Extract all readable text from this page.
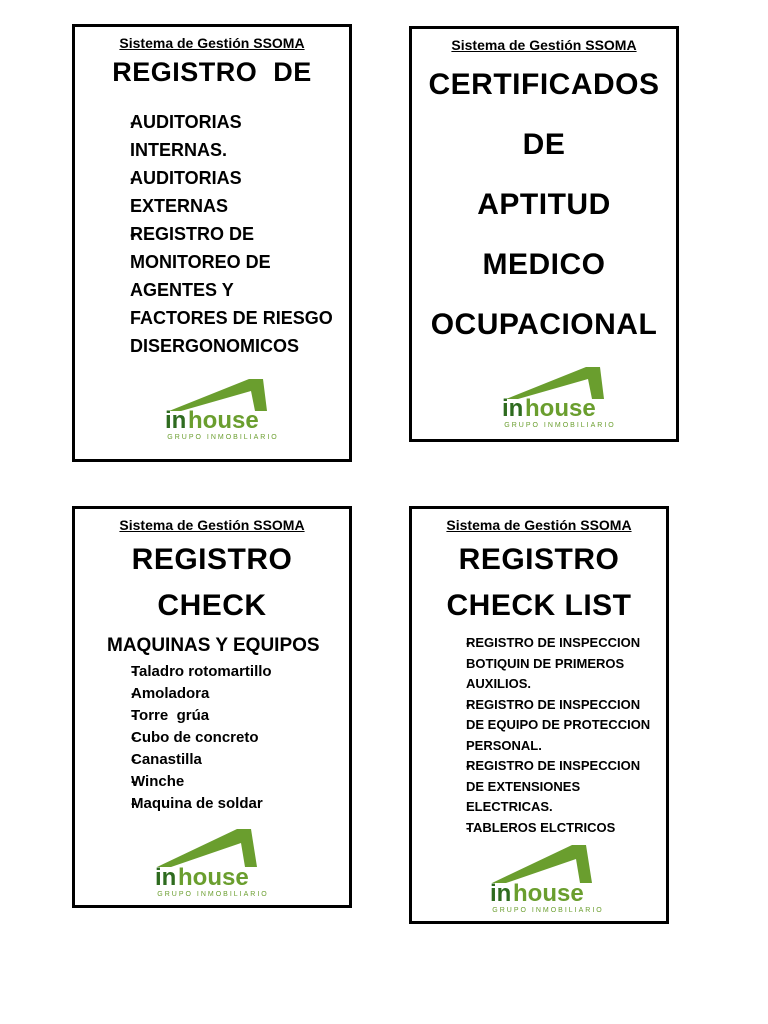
Sistema de Gestión SSOMA
REGISTRO  DE
- AUDITORIAS INTERNAS.
- AUDITORIAS EXTERNAS
- REGISTRO DE MONITOREO DE AGENTES Y FACTORES DE RIESGO DISERGONOMICOS
in house
GRUPO INMOBILIARIO
Sistema de Gestión SSOMA
CERTIFICADOS
DE
APTITUD
MEDICO
OCUPACIONAL
in house
GRUPO INMOBILIARIO
Sistema de Gestión SSOMA
REGISTRO
CHECK
MAQUINAS Y EQUIPOS
- Taladro rotomartillo
- Amoladora
- Torre  grúa
- Cubo de concreto
- Canastilla
- Winche
- Maquina de soldar
in house
GRUPO INMOBILIARIO
Sistema de Gestión SSOMA
REGISTRO
CHECK LIST
- REGISTRO DE INSPECCION BOTIQUIN DE PRIMEROS AUXILIOS.
- REGISTRO DE INSPECCION DE EQUIPO DE PROTECCION PERSONAL.
- REGISTRO DE INSPECCION DE EXTENSIONES ELECTRICAS.
- TABLEROS ELCTRICOS
in house
GRUPO INMOBILIARIO
